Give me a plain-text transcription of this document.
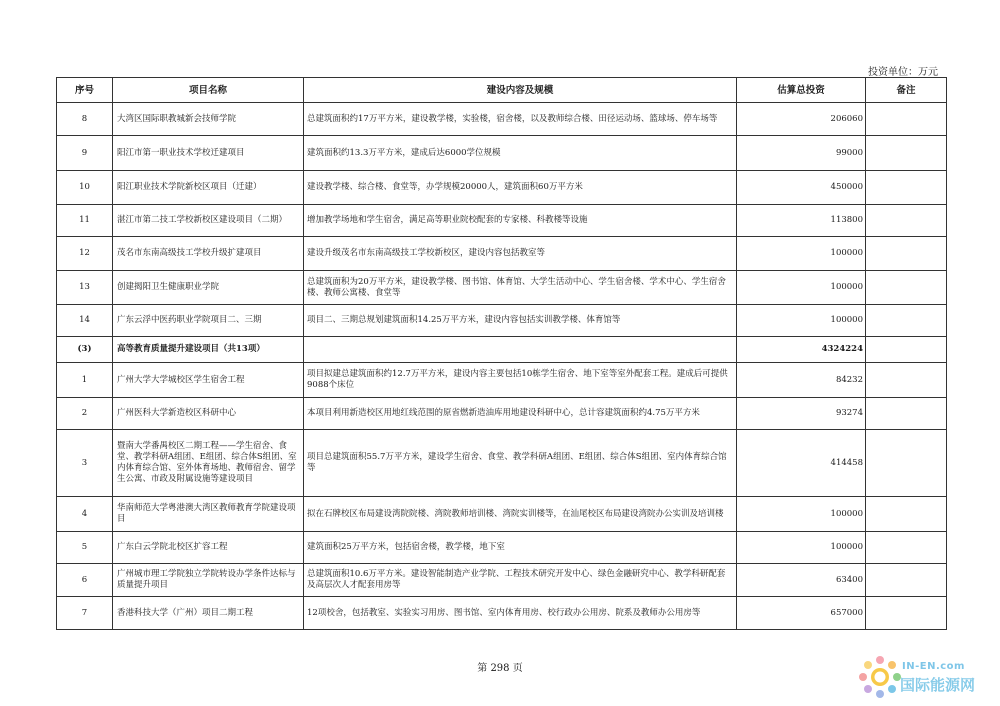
投资单位：万元
序号	项目名称	建设内容及规模	估算总投资	备注
8	大湾区国际职教城新会技师学院	总建筑面积约17万平方米，建设教学楼，实验楼，宿舍楼，以及教师综合楼、田径运动场、篮球场、停车场等	206060	
9	阳江市第一职业技术学校迁建项目	建筑面积约13.3万平方米，建成后达6000学位规模	99000	
10	阳江职业技术学院新校区项目（迁建）	建设教学楼、综合楼、食堂等，办学规模20000人，建筑面积60万平方米	450000	
11	湛江市第二技工学校新校区建设项目（二期）	增加教学场地和学生宿舍，满足高等职业院校配套的专家楼、科教楼等设施	113800	
12	茂名市东南高级技工学校升级扩建项目	建设升级茂名市东南高级技工学校新校区，建设内容包括教室等	100000	
13	创建揭阳卫生健康职业学院	总建筑面积为20万平方米，建设教学楼、图书馆、体育馆、大学生活动中心、学生宿舍楼、学术中心、学生宿舍楼、教师公寓楼、食堂等	100000	
14	广东云浮中医药职业学院项目二、三期	项目二、三期总规划建筑面积14.25万平方米，建设内容包括实训教学楼、体育馆等	100000	
(3)	高等教育质量提升建设项目（共13项）		4324224	
1	广州大学大学城校区学生宿舍工程	项目拟建总建筑面积约12.7万平方米，建设内容主要包括10栋学生宿舍、地下室等室外配套工程。建成后可提供9088个床位	84232	
2	广州医科大学新造校区科研中心	本项目利用新造校区用地红线范围的原省燃新造油库用地建设科研中心，总计容建筑面积约4.75万平方米	93274	
3	暨南大学番禺校区二期工程——学生宿舍、食堂、教学科研A组团、E组团、综合体S组团、室内体育综合馆、室外体育场地、教师宿舍、留学生公寓、市政及附属设施等建设项目	项目总建筑面积55.7万平方米，建设学生宿舍、食堂、教学科研A组团、E组团、综合体S组团、室内体育综合馆等	414458	
4	华南师范大学粤港澳大湾区教师教育学院建设项目	拟在石牌校区布局建设湾院院楼、湾院教师培训楼、湾院实训楼等，在汕尾校区布局建设湾院办公实训及培训楼	100000	
5	广东白云学院北校区扩容工程	建筑面积25万平方米，包括宿舍楼，教学楼，地下室	100000	
6	广州城市理工学院独立学院转设办学条件达标与质量提升项目	总建筑面积10.6万平方米。建设智能制造产业学院、工程技术研究开发中心、绿色金融研究中心、教学科研配套及高层次人才配套用房等	63400	
7	香港科技大学（广州）项目二期工程	12项校舍，包括教室、实验实习用房、图书馆、室内体育用房、校行政办公用房、院系及教师办公用房等	657000	
第 298 页	IN-EN.com
国际能源网
